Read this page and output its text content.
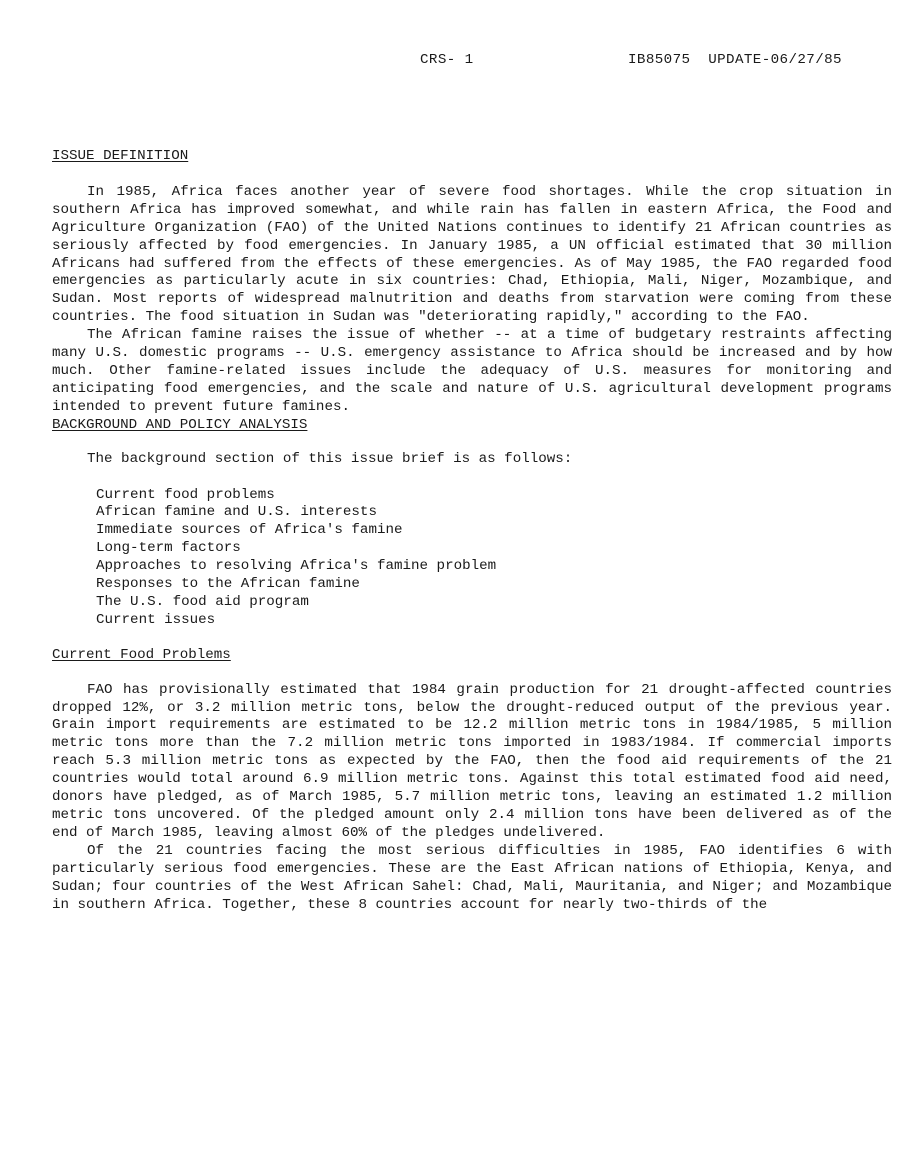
CRS- 1	IB85075  UPDATE-06/27/85
ISSUE DEFINITION

In 1985, Africa faces another year of severe food shortages. While the crop situation in southern Africa has improved somewhat, and while rain has fallen in eastern Africa, the Food and Agriculture Organization (FAO) of the United Nations continues to identify 21 African countries as seriously affected by food emergencies. In January 1985, a UN official estimated that 30 million Africans had suffered from the effects of these emergencies. As of May 1985, the FAO regarded food emergencies as particularly acute in six countries: Chad, Ethiopia, Mali, Niger, Mozambique, and Sudan. Most reports of widespread malnutrition and deaths from starvation were coming from these countries. The food situation in Sudan was "deteriorating rapidly," according to the FAO.

The African famine raises the issue of whether -- at a time of budgetary restraints affecting many U.S. domestic programs -- U.S. emergency assistance to Africa should be increased and by how much. Other famine-related issues include the adequacy of U.S. measures for monitoring and anticipating food emergencies, and the scale and nature of U.S. agricultural development programs intended to prevent future famines.

BACKGROUND AND POLICY ANALYSIS
The background section of this issue brief is as follows:
Current food problems
African famine and U.S. interests
Immediate sources of Africa's famine
Long-term factors
Approaches to resolving Africa's famine problem
Responses to the African famine
The U.S. food aid program
Current issues
Current Food Problems

FAO has provisionally estimated that 1984 grain production for 21 drought-affected countries dropped 12%, or 3.2 million metric tons, below the drought-reduced output of the previous year. Grain import requirements are estimated to be 12.2 million metric tons in 1984/1985, 5 million metric tons more than the 7.2 million metric tons imported in 1983/1984. If commercial imports reach 5.3 million metric tons as expected by the FAO, then the food aid requirements of the 21 countries would total around 6.9 million metric tons. Against this total estimated food aid need, donors have pledged, as of March 1985, 5.7 million metric tons, leaving an estimated 1.2 million metric tons uncovered. Of the pledged amount only 2.4 million tons have been delivered as of the end of March 1985, leaving almost 60% of the pledges undelivered.

Of the 21 countries facing the most serious difficulties in 1985, FAO identifies 6 with particularly serious food emergencies. These are the East African nations of Ethiopia, Kenya, and Sudan; four countries of the West African Sahel: Chad, Mali, Mauritania, and Niger; and Mozambique in southern Africa. Together, these 8 countries account for nearly two-thirds of the
